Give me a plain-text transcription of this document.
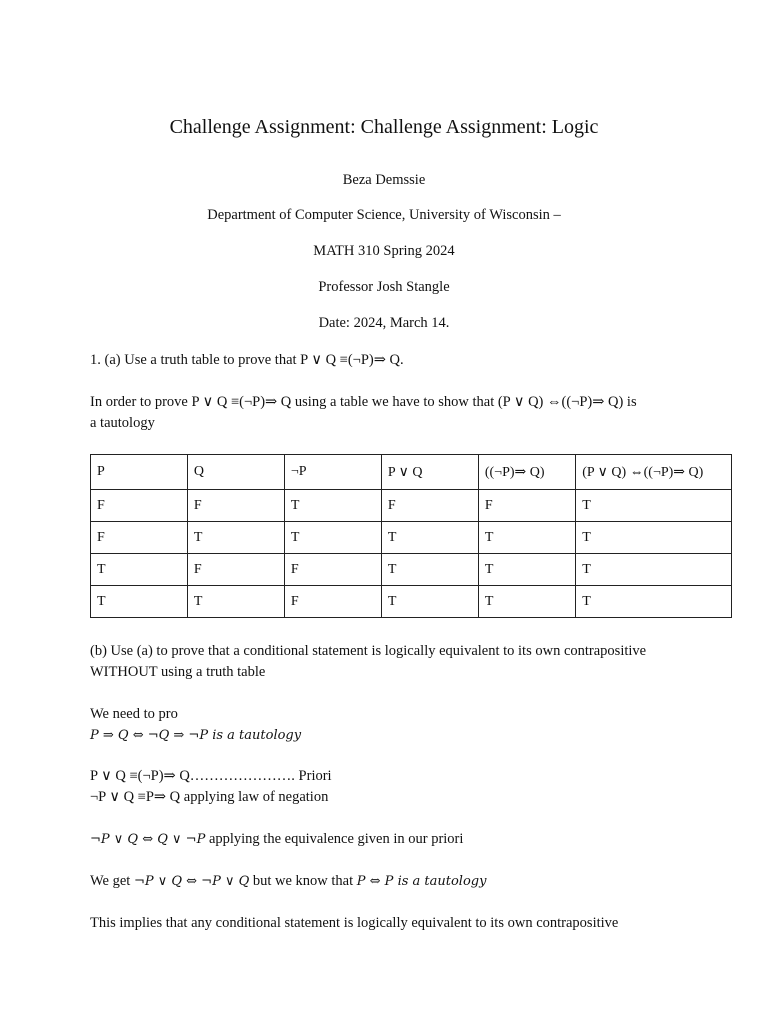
Challenge Assignment: Challenge Assignment: Logic
Beza Demssie
Department of Computer Science, University of Wisconsin –
MATH 310 Spring 2024
Professor Josh Stangle
Date: 2024, March 14.
1. (a) Use a truth table to prove that P ∨ Q ≡(¬P)⇒ Q.
In order to prove P ∨ Q ≡(¬P)⇒ Q using a table we have to show that (P ∨ Q) ⇔((¬P)⇒ Q) is
a tautology
P	Q	¬P	P ∨ Q	((¬P)⇒ Q)	(P ∨ Q) ⇔((¬P)⇒ Q)
F	F	T	F	F	T
F	T	T	T	T	T
T	F	F	T	T	T
T	T	F	T	T	T
(b) Use (a) to prove that a conditional statement is logically equivalent to its own contrapositive
WITHOUT using a truth table
We need to pro
P ⇒ Q ⇔ ¬Q ⇒ ¬P is a tautology
P ∨ Q ≡(¬P)⇒ Q…………………. Priori
¬P ∨ Q ≡P⇒ Q applying law of negation
¬P ∨ Q ⇔ Q ∨ ¬P applying the equivalence given in our priori
We get ¬P ∨ Q ⇔ ¬P ∨ Q but we know that P ⇔ P is a tautology
This implies that any conditional statement is logically equivalent to its own contrapositive
